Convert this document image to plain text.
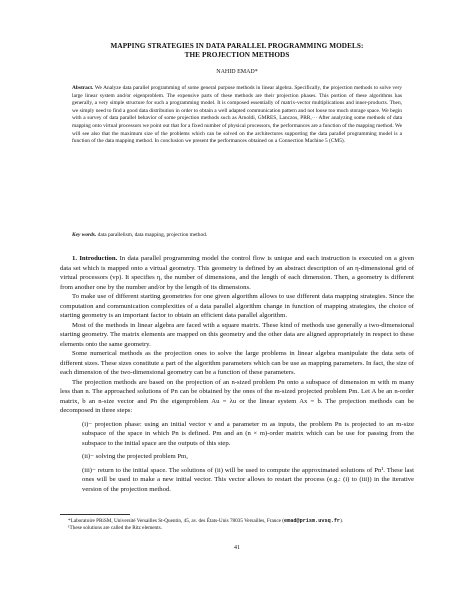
MAPPING STRATEGIES IN DATA PARALLEL PROGRAMMING MODELS:
THE PROJECTION METHODS
NAHID EMAD*
Abstract. We Analyze data parallel programming of some general purpose methods in linear algebra. Specifically, the projection methods to solve very large linear system and/or eigenproblem. The expensive parts of these methods are their projection phases. This portion of these algorithms has generally, a very simple structure for such a programming model. It is composed essentially of matrix-vector multiplications and inner-products. Then, we simply need to find a good data distribution in order to obtain a well adapted communication pattern and not loose too much storage space. We begin with a survey of data parallel behavior of some projection methods such as Arnoldi, GMRES, Lanczos, PRR,··· After analyzing some methods of data mapping onto virtual processors we point out that for a fixed number of physical processors, the performances are a function of the mapping method. We will see also that the maximum size of the problems which can be solved on the architectures supporting the data parallel programming model is a function of the data mapping method. In conclusion we present the performances obtained on a Connection Machine 5 (CM5).
Key words. data parallelism, data mapping, projection method.

1. Introduction. In data parallel programming model the control flow is unique and each instruction is executed on a given data set which is mapped onto a virtual geometry. This geometry is defined by an abstract description of an η-dimensional grid of virtual processors (vp). It specifies η, the number of dimensions, and the length of each dimension. Then, a geometry is different from another one by the number and/or by the length of its dimensions.

To make use of different starting geometries for one given algorithm allows to use different data mapping strategies. Since the computation and communication complexities of a data parallel algorithm change in function of mapping strategies, the choice of starting geometry is an important factor to obtain an efficient data parallel algorithm.

Most of the methods in linear algebra are faced with a square matrix. These kind of methods use generally a two-dimensional starting geometry. The matrix elements are mapped on this geometry and the other data are aligned appropriately in respect to these elements onto the same geometry.

Some numerical methods as the projection ones to solve the large problems in linear algebra manipulate the data sets of different sizes. These sizes constitute a part of the algorithm parameters which can be use as mapping parameters. In fact, the size of each dimension of the two-dimensional geometry can be a function of these parameters.

The projection methods are based on the projection of an n-sized problem Pn onto a subspace of dimension m with m many less than n. The approached solutions of Pn can be obtained by the ones of the m-sized projected problem Pm. Let A be an n-order matrix, b an n-size vector and Pn the eigenproblem Au = λu or the linear system Ax = b. The projection methods can be decomposed in three steps:

(i)− projection phase: using an initial vector v and a parameter m as inputs, the problem Pn is projected to an m-size subspace of the space in which Pn is defined. Pm and an (n × m)-order matrix which can be use for passing from the subspace to the initial space are the outputs of this step.

(ii)− solving the projected problem Pm,

(iii)− return to the initial space. The solutions of (ii) will be used to compute the approximated solutions of Pn¹. These last ones will be used to make a new initial vector. This vector allows to restart the process (e.g.: (i) to (iii)) in the iterative version of the projection method.

*Laboratoire PRiSM, Université Versailles St-Quentin, 45, av. des États-Unis 78035 Versailles, France (emad@prism.uvsq.fr).

¹These solutions are called the Ritz elements.

41
